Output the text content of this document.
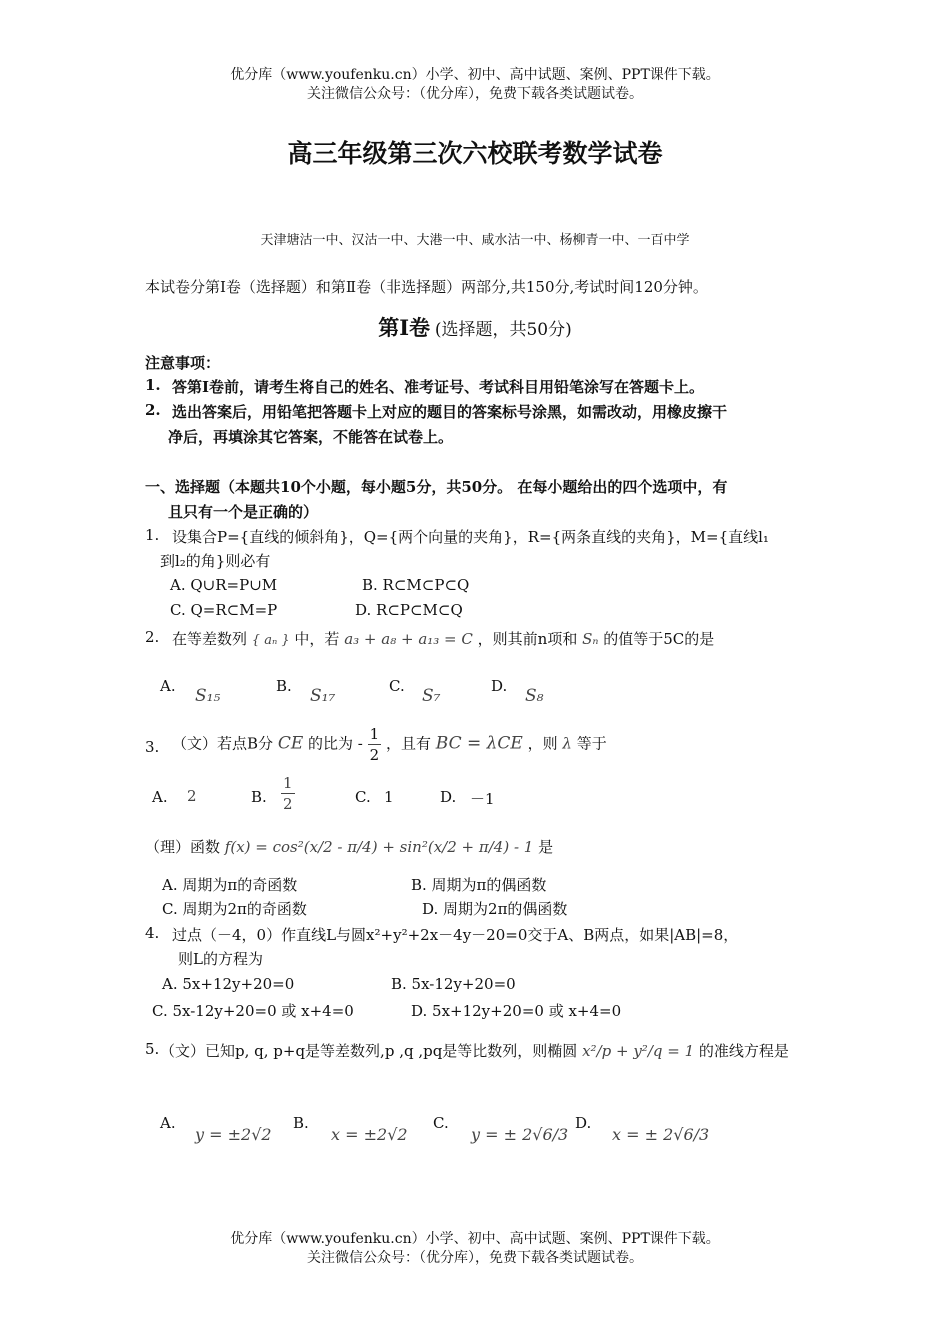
优分库（www.youfenku.cn）小学、初中、高中试题、案例、PPT课件下载。
关注微信公众号：（优分库），免费下载各类试题试卷。
高三年级第三次六校联考数学试卷
天津塘沽一中、汉沽一中、大港一中、咸水沽一中、杨柳青一中、一百中学
本试卷分第Ⅰ卷（选择题）和第Ⅱ卷（非选择题）两部分,共150分,考试时间120分钟。
第Ⅰ卷 (选择题，共50分)
注意事项：
1. 答第Ⅰ卷前，请考生将自己的姓名、准考证号、考试科目用铅笔涂写在答题卡上。
2. 选出答案后，用铅笔把答题卡上对应的题目的答案标号涂黑，如需改动，用橡皮擦干
净后，再填涂其它答案，不能答在试卷上。
一、选择题（本题共10个小题，每小题5分，共50分。 在每小题给出的四个选项中，有
且只有一个是正确的）
1. 设集合P={直线的倾斜角}，Q={两个向量的夹角}，R={两条直线的夹角}，M={直线l₁
到l₂的角}则必有
A. Q∪R=P∪M	B. R⊂M⊂P⊂Q
C. Q=R⊂M=P	D. R⊂P⊂M⊂Q
2. 在等差数列 { aₙ } 中，若 a₃ + a₈ + a₁₃ = C ，则其前n项和 Sₙ 的值等于5C的是
A. S₁₅	B. S₁₇	C. S₇	D. S₈
3. （文）若点B分 CE 的比为 - $\frac{1}{2}$ ，且有 BC = λCE ，则 λ 等于
A. 2	B. $\frac{1}{2}$	C. 1	D. －1
（理）函数 f(x) = cos²(x/2 - π/4) + sin²(x/2 + π/4) - 1 是
A. 周期为π的奇函数	B. 周期为π的偶函数
C. 周期为2π的奇函数	D. 周期为2π的偶函数
4. 过点（－4，0）作直线L与圆x²+y²+2x－4y－20=0交于A、B两点，如果|AB|=8，
则L的方程为
A. 5x+12y+20=0	B. 5x-12y+20=0
C. 5x-12y+20=0 或 x+4=0	D. 5x+12y+20=0 或 x+4=0
5. （文）已知p, q, p+q是等差数列,p ,q ,pq是等比数列，则椭圆 x²/p + y²/q = 1 的准线方程是
A.
y = ±2√2
B.
x = ±2√2
C.
y = ± 2√6/3
D.
x = ± 2√6/3
优分库（www.youfenku.cn）小学、初中、高中试题、案例、PPT课件下载。
关注微信公众号：（优分库），免费下载各类试题试卷。
